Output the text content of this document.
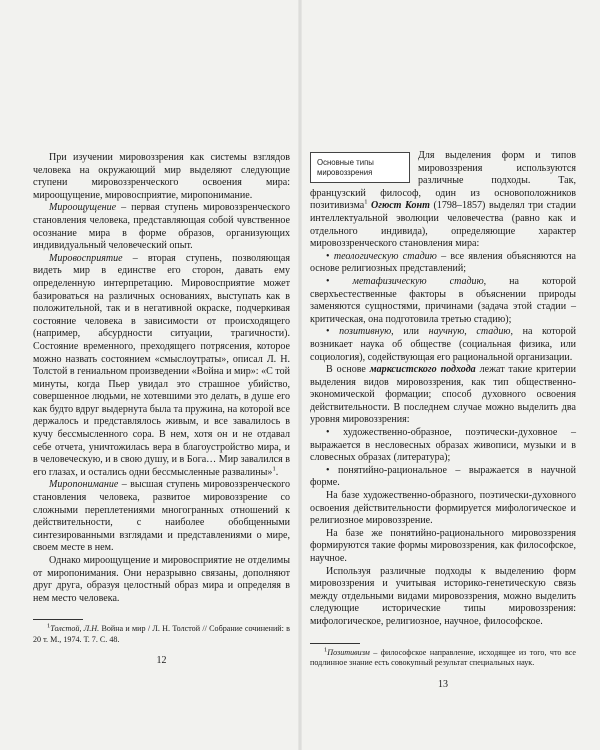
При изучении мировоззрения как системы взглядов человека на окружающий мир выделяют следующие ступени мировоззренческого освоения мира: мироощущение, мировосприятие, миропонимание.

Мироощущение – первая ступень мировоззренческого становления человека, представляющая собой чувственное осознание мира в форме образов, организующих индивидуальный человеческий опыт.

Мировосприятие – вторая ступень, позволяющая видеть мир в единстве его сторон, давать ему определенную интерпретацию. Мировосприятие может базироваться на различных основаниях, выступать как в положительной, так и в негативной окраске, подчеркивая состояние человека в зависимости от происходящего (например, абсурдности ситуации, трагичности). Состояние временного, преходящего потрясения, которое можно назвать состоянием «смыслоутраты», описал Л. Н. Толстой в гениальном произведении «Война и мир»: «С той минуты, когда Пьер увидал это страшное убийство, совершенное людьми, не хотевшими это делать, в душе его как будто вдруг выдернута была та пружина, на которой все держалось и представлялось живым, и все завалилось в кучу бессмысленного сора. В нем, хотя он и не отдавал себе отчета, уничтожилась вера в благоустройство мира, и в человеческую, и в свою душу, и в Бога… Мир завалился в его глазах, и остались одни бессмысленные развалины»$^1$.

Миропонимание – высшая ступень мировоззренческого становления человека, развитое мировоззрение со сложными переплетениями многогранных отношений к действительности, с наиболее обобщенными синтезированными взглядами и представлениями о мире, своем месте в нем.

Однако мироощущение и мировосприятие не отделимы от миропонимания. Они неразрывно связаны, дополняют друг друга, образуя целостный образ мира и определяя в нем место человека.

$^1$Толстой, Л.Н. Война и мир / Л. Н. Толстой // Собрание сочинений: в 20 т. М., 1974. Т. 7. С. 48.

12
Основные типы мировоззрения

Для выделения форм и типов мировоззрения используются различные подходы. Так, французский философ, один из основоположников позитивизма$^1$ Огюст Конт (1798–1857) выделял три стадии интеллектуальной эволюции человечества (равно как и отдельного индивида), определяющие характер мировоззренческого становления мира:

• теологическую стадию – все явления объясняются на основе религиозных представлений;

• метафизическую стадию, на которой сверхъестественные факторы в объяснении природы заменяются сущностями, причинами (задача этой стадии – критическая, она подготовила третью стадию);

• позитивную, или научную, стадию, на которой возникает наука об обществе (социальная физика, или социология), содействующая его рациональной организации.

В основе марксистского подхода лежат такие критерии выделения видов мировоззрения, как тип общественно-экономической формации; способ духовного освоения действительности. В последнем случае можно выделить два уровня мировоззрения:

• художественно-образное, поэтически-духовное – выражается в несловесных образах живописи, музыки и в словесных образах (литература);

• понятийно-рациональное – выражается в научной форме.

На базе художественно-образного, поэтически-духовного освоения действительности формируется мифологическое и религиозное мировоззрение.

На базе же понятийно-рационального мировоззрения формируются такие формы мировоззрения, как философское, научное.

Используя различные подходы к выделению форм мировоззрения и учитывая историко-генетическую связь между отдельными видами мировоззрения, можно выделить следующие исторические типы мировоззрения: мифологическое, религиозное, научное, философское.

$^1$Позитивизм – философское направление, исходящее из того, что все подлинное знание есть совокупный результат специальных наук.

13
